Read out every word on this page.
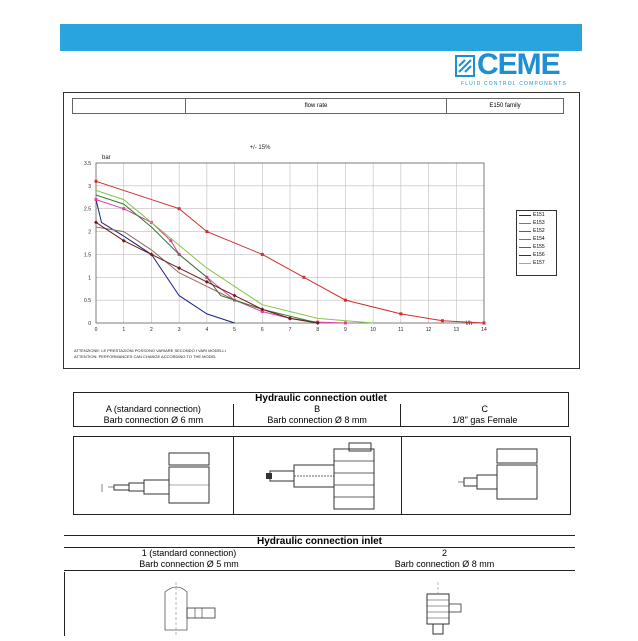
CEME
FLUID CONTROL COMPONENTS
flow rate	E150 family
0	1	2	3	4	5	6	7	8	9	10	11	12	13	14
0
0.5
1
1.5
2
2.5
3
3.5
+/- 15%
bar
l/h
E151
E153
E152
E154
E155
E156
E157
ATTENZIONE: LE PRESTAZIONI POSSONO VARIARE SECONDO I VARI MODELLI
ATTENTION: PERFORMANCES CAN CHANGE ACCORDING TO THE MODEL
Hydraulic connection outlet		
A (standard connection)	B	C
Barb connection Ø 6 mm	Barb connection Ø 8 mm	1/8" gas Female
Hydraulic connection inlet	
1 (standard connection)	2
Barb connection Ø 5 mm	Barb connection Ø 8 mm
